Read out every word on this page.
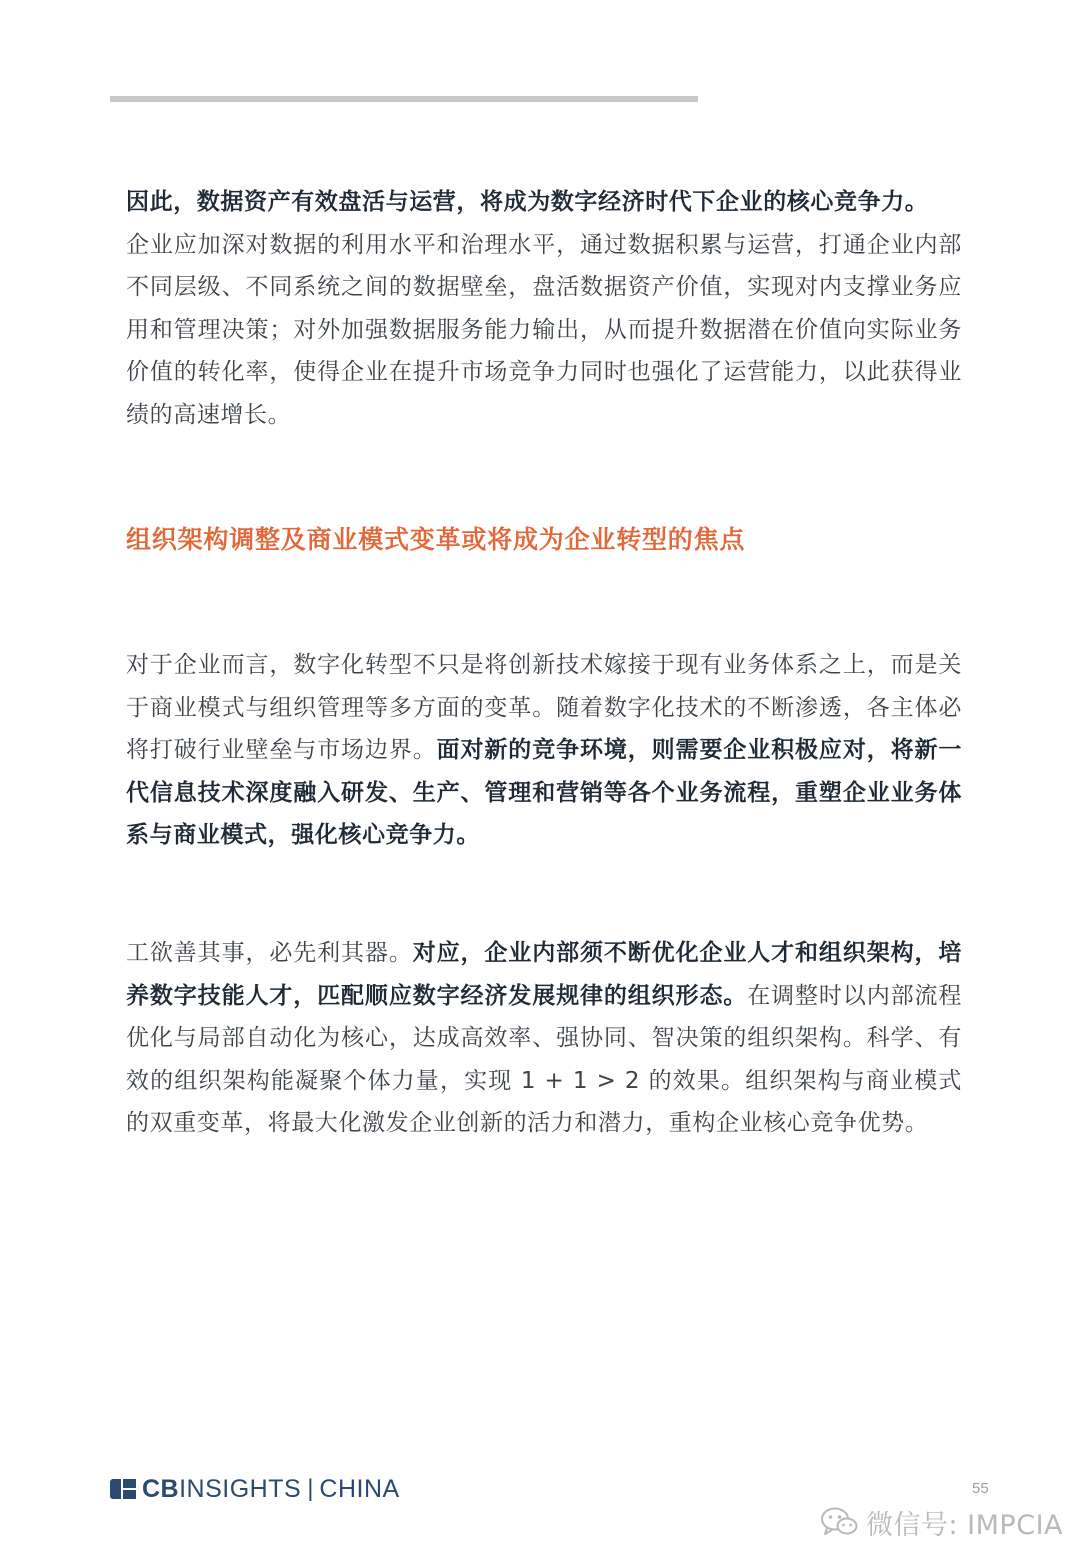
因此，数据资产有效盘活与运营，将成为数字经济时代下企业的核心竞争力。
企业应加深对数据的利用水平和治理水平，通过数据积累与运营，打通企业内部不同层级、不同系统之间的数据壁垒，盘活数据资产价值，实现对内支撑业务应用和管理决策；对外加强数据服务能力输出，从而提升数据潜在价值向实际业务价值的转化率，使得企业在提升市场竞争力同时也强化了运营能力，以此获得业绩的高速增长。
组织架构调整及商业模式变革或将成为企业转型的焦点
对于企业而言，数字化转型不只是将创新技术嫁接于现有业务体系之上，而是关于商业模式与组织管理等多方面的变革。随着数字化技术的不断渗透，各主体必将打破行业壁垒与市场边界。面对新的竞争环境，则需要企业积极应对，将新一代信息技术深度融入研发、生产、管理和营销等各个业务流程，重塑企业业务体系与商业模式，强化核心竞争力。
工欲善其事，必先利其器。对应，企业内部须不断优化企业人才和组织架构，培养数字技能人才，匹配顺应数字经济发展规律的组织形态。在调整时以内部流程优化与局部自动化为核心，达成高效率、强协同、智决策的组织架构。科学、有效的组织架构能凝聚个体力量，实现 1 + 1 > 2 的效果。组织架构与商业模式的双重变革，将最大化激发企业创新的活力和潜力，重构企业核心竞争优势。
CB INSIGHTS | CHINA	55
微信号: IMPCIA
